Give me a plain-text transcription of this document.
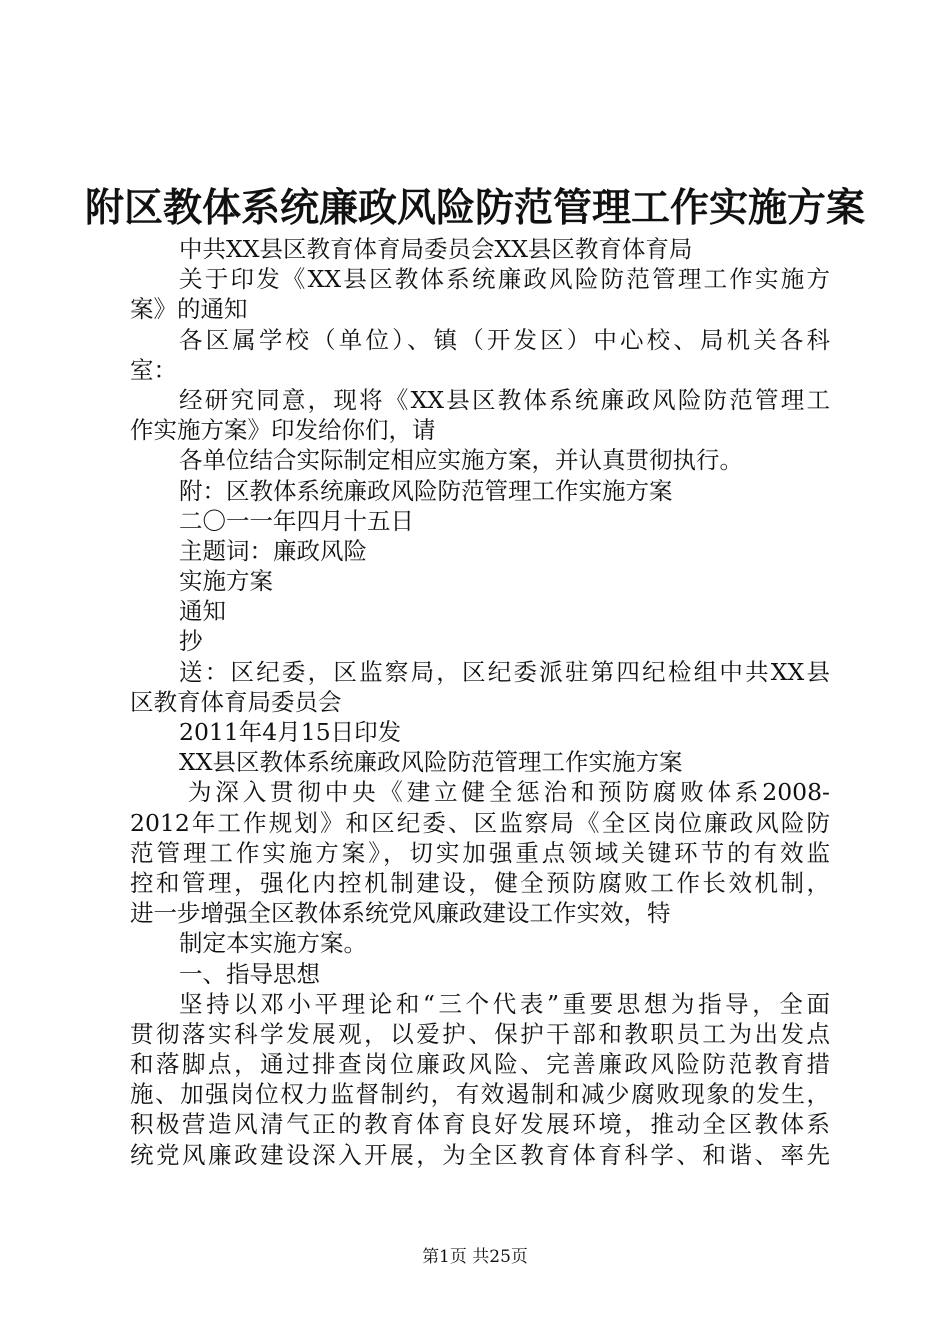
附区教体系统廉政风险防范管理工作实施方案
中共XX县区教育体育局委员会XX县区教育体育局
关于印发《XX县区教体系统廉政风险防范管理工作实施方
案》的通知
各区属学校（单位）、镇（开发区）中心校、局机关各科
室：
经研究同意，现将《XX县区教体系统廉政风险防范管理工
作实施方案》印发给你们，请
各单位结合实际制定相应实施方案，并认真贯彻执行。
附：区教体系统廉政风险防范管理工作实施方案
二〇一一年四月十五日
主题词：廉政风险
实施方案
通知
抄
送：区纪委，区监察局，区纪委派驻第四纪检组中共XX县
区教育体育局委员会
2011年4月15日印发
XX县区教体系统廉政风险防范管理工作实施方案
为深入贯彻中央《建立健全惩治和预防腐败体系2008-
2012年工作规划》和区纪委、区监察局《全区岗位廉政风险防
范管理工作实施方案》，切实加强重点领域关键环节的有效监
控和管理，强化内控机制建设，健全预防腐败工作长效机制，
进一步增强全区教体系统党风廉政建设工作实效，特
制定本实施方案。
一、指导思想
坚持以邓小平理论和“三个代表”重要思想为指导，全面
贯彻落实科学发展观，以爱护、保护干部和教职员工为出发点
和落脚点，通过排查岗位廉政风险、完善廉政风险防范教育措
施、加强岗位权力监督制约，有效遏制和减少腐败现象的发生，
积极营造风清气正的教育体育良好发展环境，推动全区教体系
统党风廉政建设深入开展，为全区教育体育科学、和谐、率先
第1页 共25页
